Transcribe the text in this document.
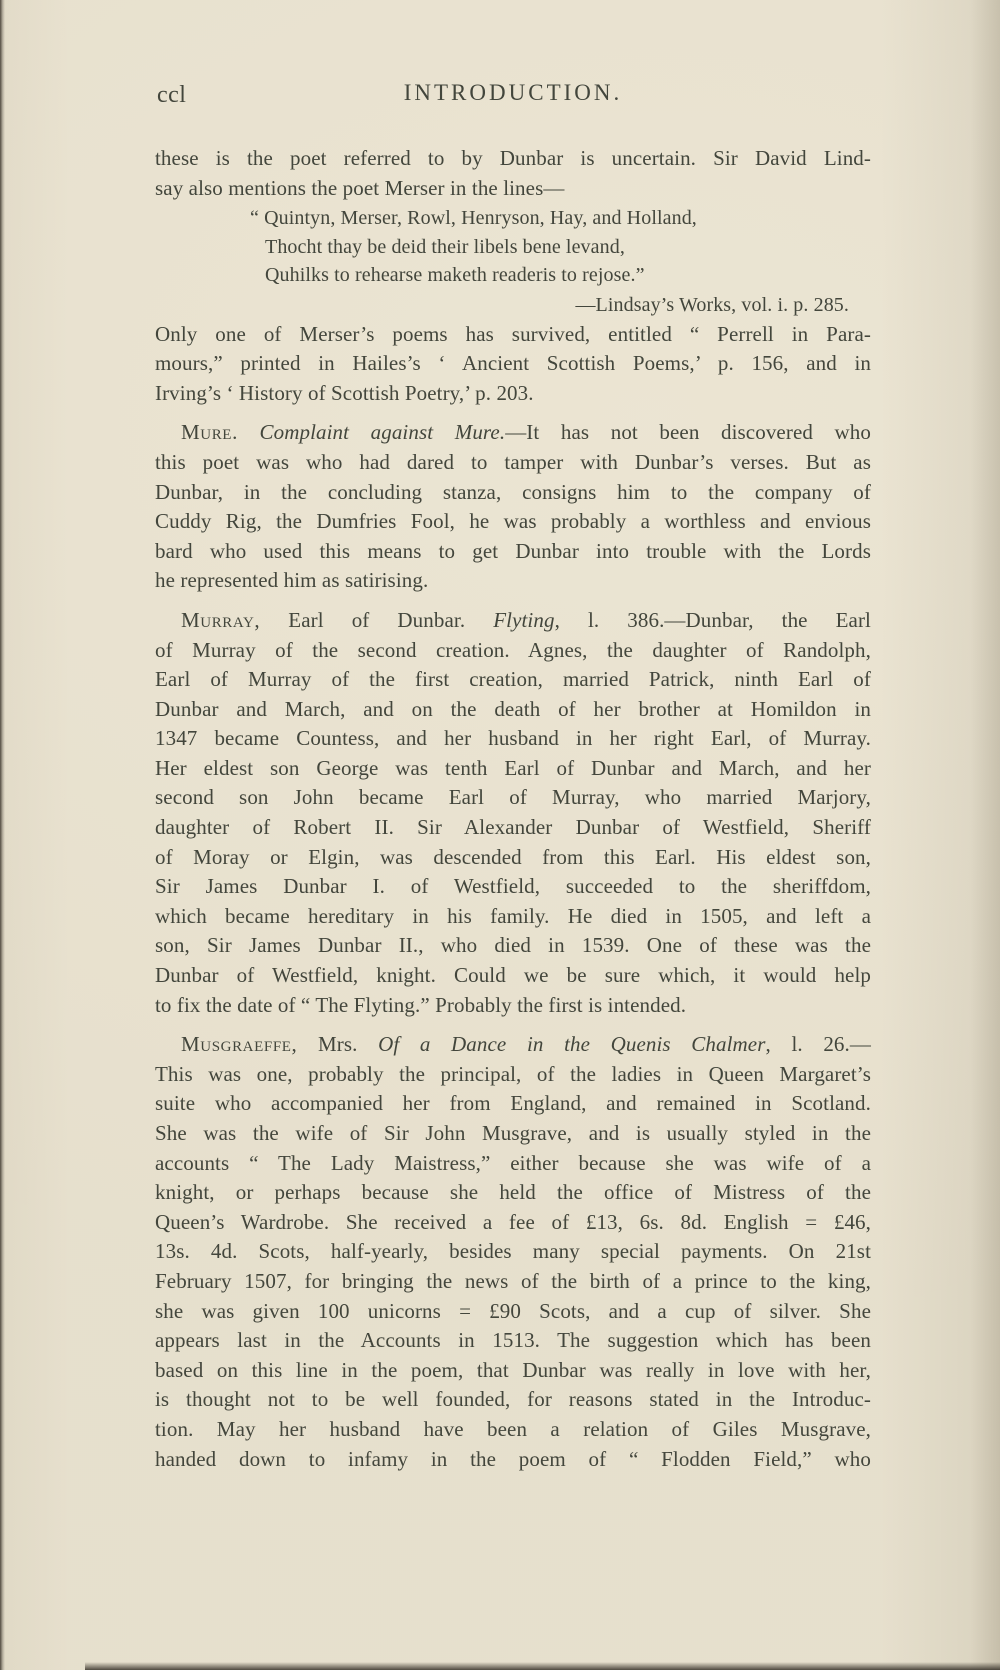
ccl	INTRODUCTION.
these is the poet referred to by Dunbar is uncertain. Sir David Lind-
say also mentions the poet Merser in the lines—
“ Quintyn, Merser, Rowl, Henryson, Hay, and Holland,
Thocht thay be deid their libels bene levand,
Quhilks to rehearse maketh readeris to rejose.”
—Lindsay’s Works, vol. i. p. 285.
Only one of Merser’s poems has survived, entitled “ Perrell in Para-
mours,” printed in Hailes’s ‘ Ancient Scottish Poems,’ p. 156, and in
Irving’s ‘ History of Scottish Poetry,’ p. 203.
Mure. Complaint against Mure.—It has not been discovered who
this poet was who had dared to tamper with Dunbar’s verses. But as
Dunbar, in the concluding stanza, consigns him to the company of
Cuddy Rig, the Dumfries Fool, he was probably a worthless and envious
bard who used this means to get Dunbar into trouble with the Lords
he represented him as satirising.
Murray, Earl of Dunbar. Flyting, l. 386.—Dunbar, the Earl
of Murray of the second creation. Agnes, the daughter of Randolph,
Earl of Murray of the first creation, married Patrick, ninth Earl of
Dunbar and March, and on the death of her brother at Homildon in
1347 became Countess, and her husband in her right Earl, of Murray.
Her eldest son George was tenth Earl of Dunbar and March, and her
second son John became Earl of Murray, who married Marjory,
daughter of Robert II. Sir Alexander Dunbar of Westfield, Sheriff
of Moray or Elgin, was descended from this Earl. His eldest son,
Sir James Dunbar I. of Westfield, succeeded to the sheriffdom,
which became hereditary in his family. He died in 1505, and left a
son, Sir James Dunbar II., who died in 1539. One of these was the
Dunbar of Westfield, knight. Could we be sure which, it would help
to fix the date of “ The Flyting.” Probably the first is intended.
Musgraeffe, Mrs. Of a Dance in the Quenis Chalmer, l. 26.—
This was one, probably the principal, of the ladies in Queen Margaret’s
suite who accompanied her from England, and remained in Scotland.
She was the wife of Sir John Musgrave, and is usually styled in the
accounts “ The Lady Maistress,” either because she was wife of a
knight, or perhaps because she held the office of Mistress of the
Queen’s Wardrobe. She received a fee of £13, 6s. 8d. English = £46,
13s. 4d. Scots, half-yearly, besides many special payments. On 21st
February 1507, for bringing the news of the birth of a prince to the king,
she was given 100 unicorns = £90 Scots, and a cup of silver. She
appears last in the Accounts in 1513. The suggestion which has been
based on this line in the poem, that Dunbar was really in love with her,
is thought not to be well founded, for reasons stated in the Introduc-
tion. May her husband have been a relation of Giles Musgrave,
handed down to infamy in the poem of “ Flodden Field,” who
